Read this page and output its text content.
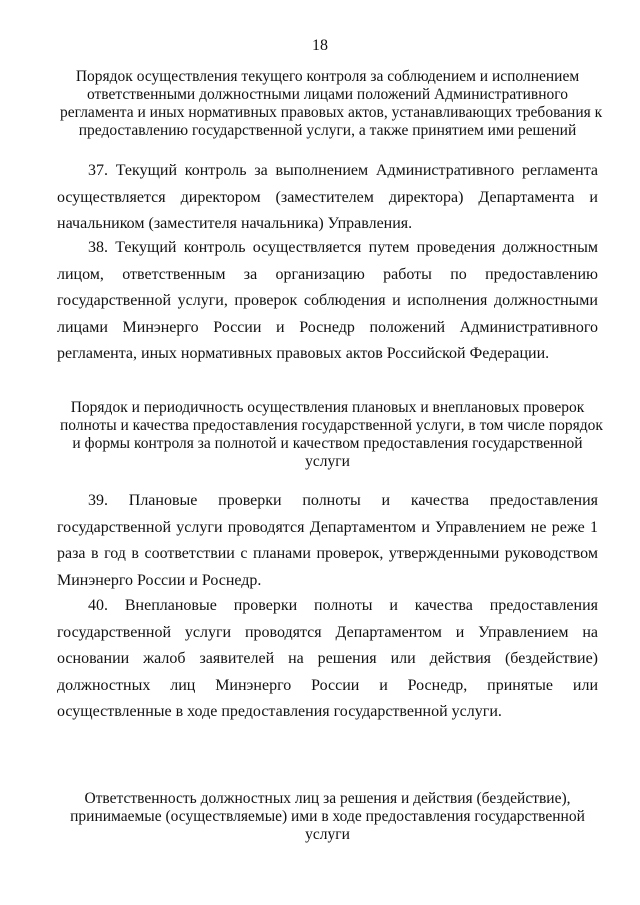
18
Порядок осуществления текущего контроля за соблюдением и исполнением
ответственными должностными лицами положений Административного
регламента и иных нормативных правовых актов, устанавливающих требования к
предоставлению государственной услуги, а также принятием ими решений

37. Текущий контроль за выполнением Административного регламента осуществляется директором (заместителем директора) Департамента и начальником (заместителя начальника) Управления.

38. Текущий контроль осуществляется путем проведения должностным лицом, ответственным за организацию работы по предоставлению государственной услуги, проверок соблюдения и исполнения должностными лицами Минэнерго России и Роснедр положений Административного регламента, иных нормативных правовых актов Российской Федерации.

Порядок и периодичность осуществления плановых и внеплановых проверок
полноты и качества предоставления государственной услуги, в том числе порядок
и формы контроля за полнотой и качеством предоставления государственной
услуги

39. Плановые проверки полноты и качества предоставления государственной услуги проводятся Департаментом и Управлением не реже 1 раза в год в соответствии с планами проверок, утвержденными руководством Минэнерго России и Роснедр.

40. Внеплановые проверки полноты и качества предоставления государственной услуги проводятся Департаментом и Управлением на основании жалоб заявителей на решения или действия (бездействие) должностных лиц Минэнерго России и Роснедр, принятые или осуществленные в ходе предоставления государственной услуги.

Ответственность должностных лиц за решения и действия (бездействие),
принимаемые (осуществляемые) ими в ходе предоставления государственной
услуги
